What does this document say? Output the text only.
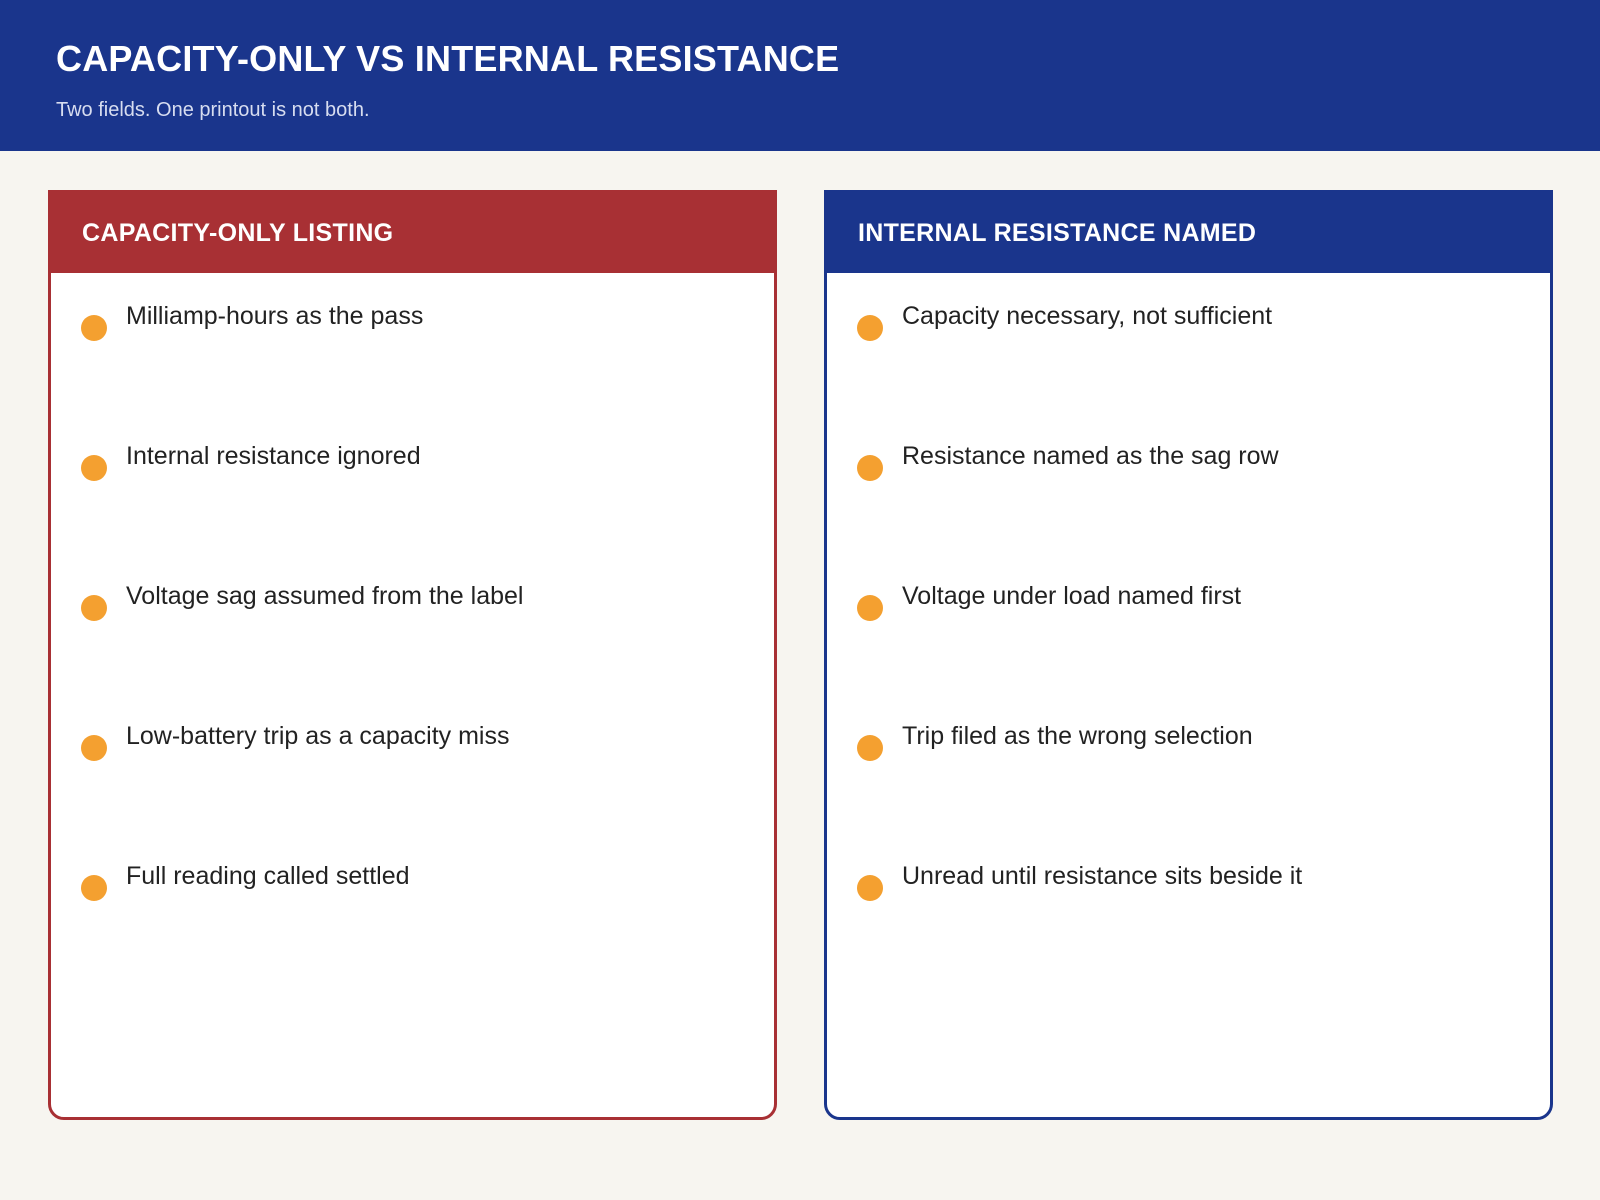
CAPACITY-ONLY VS INTERNAL RESISTANCE

Two fields. One printout is not both.

CAPACITY-ONLY LISTING
Milliamp-hours as the pass
Internal resistance ignored
Voltage sag assumed from the label
Low-battery trip as a capacity miss
Full reading called settled
INTERNAL RESISTANCE NAMED
Capacity necessary, not sufficient
Resistance named as the sag row
Voltage under load named first
Trip filed as the wrong selection
Unread until resistance sits beside it
